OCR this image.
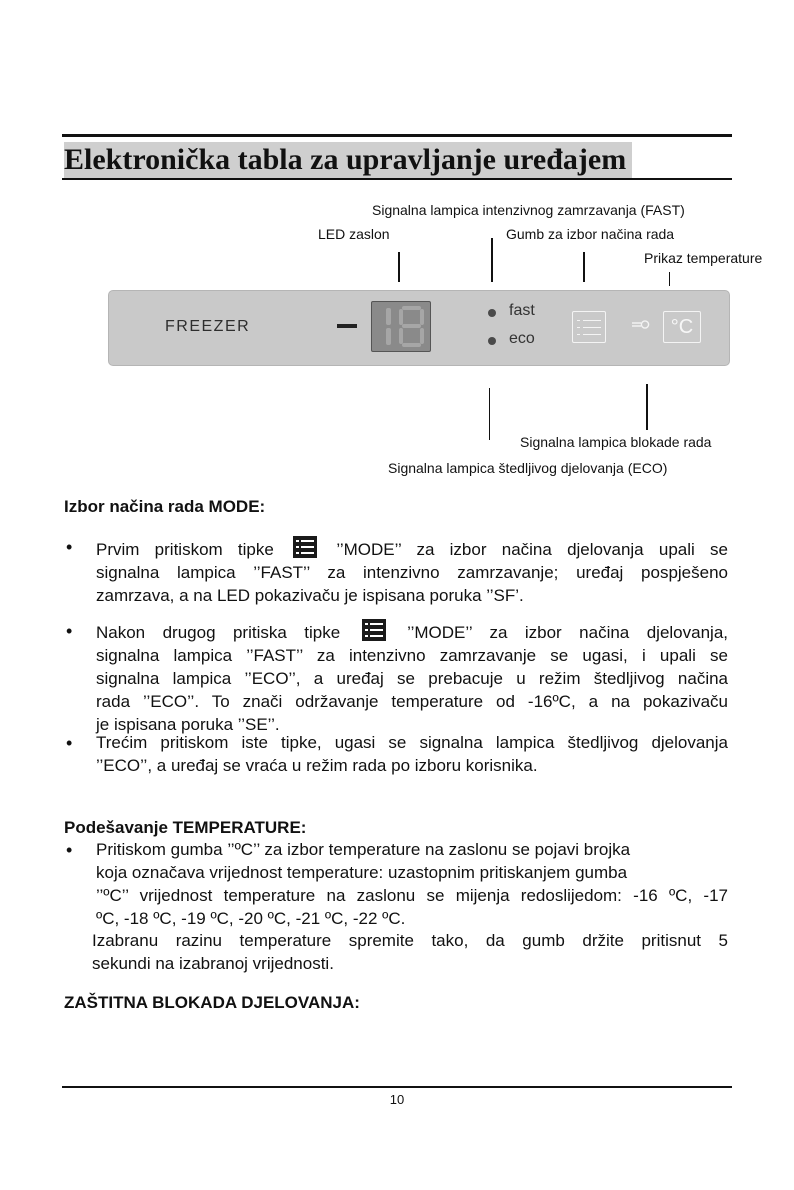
Elektronička tabla za upravljanje uređajem
Signalna lampica intenzivnog zamrzavanja (FAST)
LED zaslon	Gumb za izbor načina rada
Prikaz temperature
FREEZER
fast
eco
°C
Signalna lampica blokade rada
Signalna lampica štedljivog djelovanja (ECO)
Izbor načina rada MODE:
• Prvim pritiskom tipke	’’MODE’’ za izbor načina djelovanja upali se
signalna lampica ’’FAST’’ za intenzivno zamrzavanje; uređaj pospješeno
zamrzava, a na LED pokazivaču je ispisana poruka ’’SF’.
• Nakon drugog pritiska tipke	’’MODE’’ za izbor načina djelovanja,
signalna lampica ’’FAST’’ za intenzivno zamrzavanje se ugasi, i upali se
signalna lampica ’’ECO’’, a uređaj se prebacuje u režim štedljivog načina
rada ’’ECO’’. To znači održavanje temperature od -16ºC, a na pokazivaču
je ispisana poruka ’’SE’’.
• Trećim pritiskom iste tipke, ugasi se signalna lampica štedljivog djelovanja
’’ECO’’, a uređaj se vraća u režim rada po izboru korisnika.
Podešavanje TEMPERATURE:
• Pritiskom gumba ’’ºC’’ za izbor temperature na zaslonu se pojavi brojka
koja označava vrijednost temperature: uzastopnim pritiskanjem gumba
’’ºC’’ vrijednost temperature na zaslonu se mijenja redoslijedom: -16 ºC, -17
ºC, -18 ºC, -19 ºC, -20 ºC, -21 ºC, -22 ºC.
Izabranu razinu temperature spremite tako, da gumb držite pritisnut 5
sekundi na izabranoj vrijednosti.
ZAŠTITNA BLOKADA DJELOVANJA:
10
